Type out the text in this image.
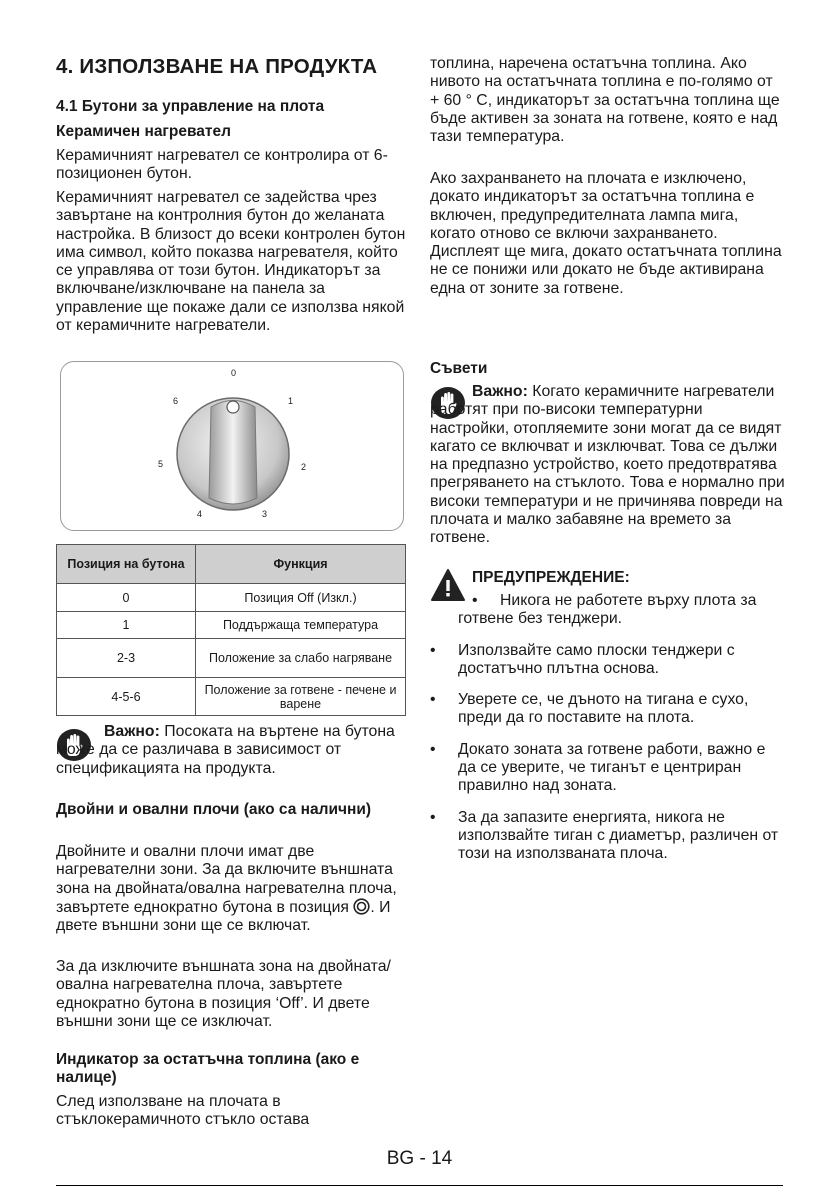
4. ИЗПОЛЗВАНЕ НА ПРОДУКТА
4.1 Бутони за управление на плота
Керамичен нагревател

Керамичният нагревател се контролира от 6-позиционен бутон.

Керамичният нагревател се задейства чрез завъртане на контролния бутон до желаната настройка. В близост до всеки контролен бутон има символ, който показва нагревателя, който се управлява от този бутон. Индикаторът за включване/изключване на панела за управление ще покаже дали се използва някой от керамичните нагреватели.

0
1
2
3
4
5
6
Позиция на бутона	Функция
0	Позиция Off (Изкл.)
1	Поддържаща температура
2-3	Положение за слабо нагряване
4-5-6	Положение за готвене - печене и варене

Важно: Посоката на въртене на бутона може да се различава в зависимост от спецификацията на продукта.

Двойни и овални плочи (ако са налични)

Двойните и овални плочи имат две нагревателни зони. За да включите външната зона на двойната/овална нагревателна плоча, завъртете еднократно бутона в позиция . И двете външни зони ще се включат.

За да изключите външната зона на двойната/овална нагревателна плоча, завъртете еднократно бутона в позиция ‘Off’. И двете външни зони ще се изключат.

Индикатор за остатъчна топлина (ако е налице)

След използване на плочата в стъклокерамичното стъкло остава

топлина, наречена остатъчна топлина. Ако нивото на остатъчната топлина е по-голямо от + 60 ° C, индикаторът за остатъчна топлина ще бъде активен за зоната на готвене, която е над тази температура.

Ако захранването на плочата е изключено, докато индикаторът за остатъчна топлина е включен, предупредителната лампа мига, когато отново се включи захранването. Дисплеят ще мига, докато остатъчната топлина не се понижи или докато не бъде активирана една от зоните за готвене.

Съвети

Важно: Когато керамичните нагреватели работят при по-високи температурни настройки, отопляемите зони могат да се видят кагато се включват и изключват. Това се дължи на предпазно устройство, което предотвратява прегряването на стъклото. Това е нормално при високи температури и не причинява повреди на плочата и малко забавяне на времето за готвене.

ПРЕДУПРЕЖДЕНИЕ:
•	Никога не работете върху плота за готвене без тенджери.
• Използвайте само плоски тенджери с достатъчно плътна основа.
• Уверете се, че дъното на тигана е сухо, преди да го поставите на плота.
• Докато зоната за готвене работи, важно е да се уверите, че тиганът е центриран правилно над зоната.
• За да запазите енергията, никога не използвайте тиган с диаметър, различен от този на използваната плоча.
BG - 14
